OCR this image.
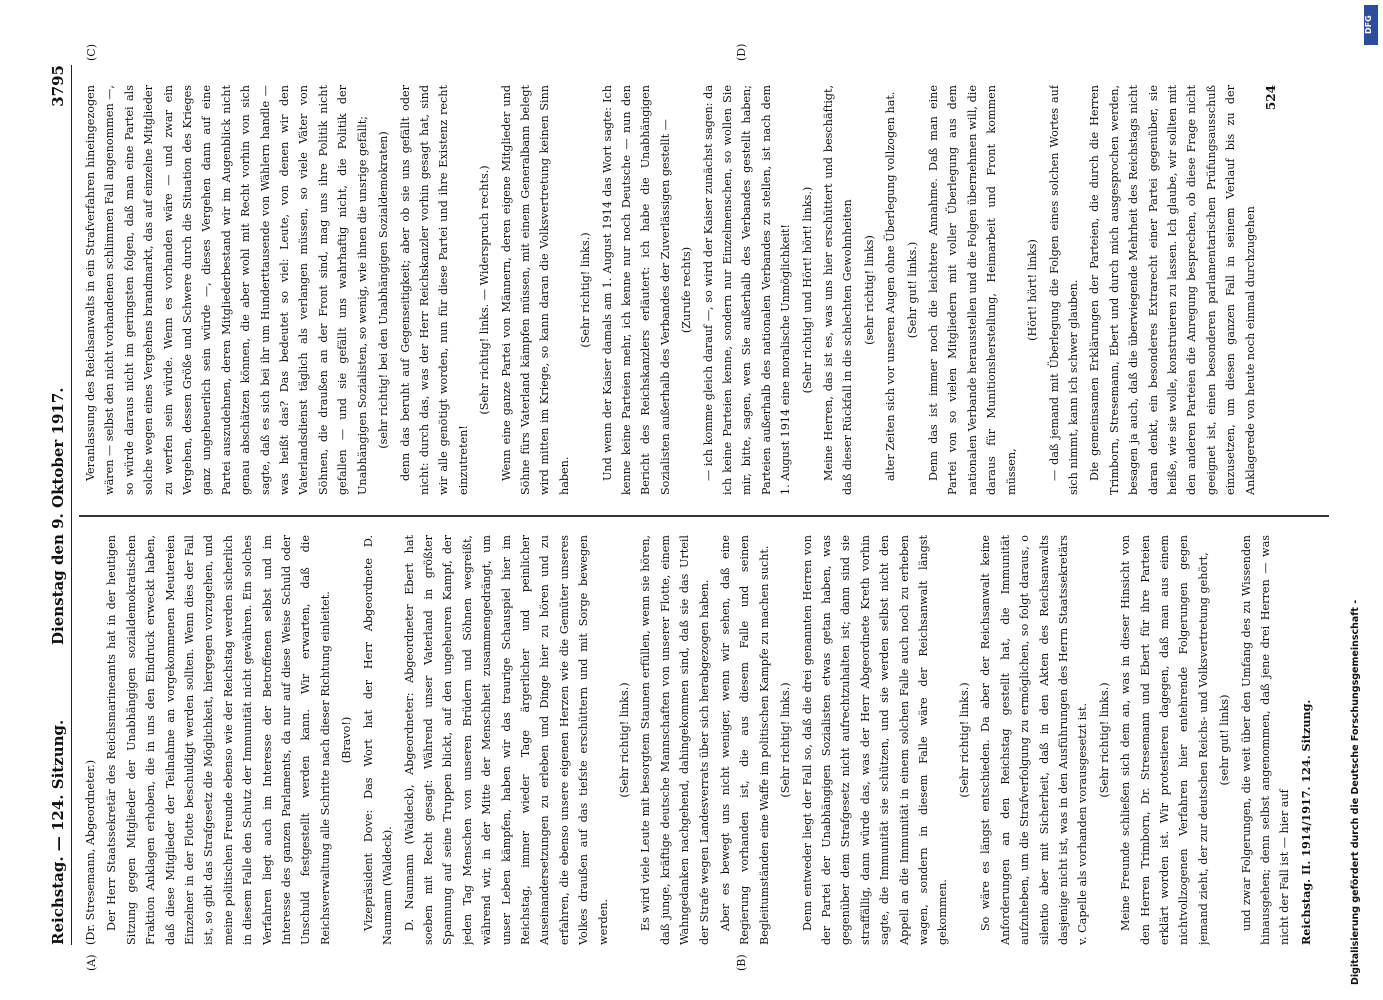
Reichstag. — 124. Sitzung.
Dienstag den 9. Oktober 1917.
3795
(Dr. Stresemann, Abgeordneter.) Der Herr Staatssekretär des Reichsmarineamts hat in der heutigen Sitzung gegen Mitglieder der Unabhängigen sozialdemokratischen Fraktion Anklagen erhoben, die in uns den Eindruck erweckt haben, daß diese Mitglieder der Teilnahme an vorgekommenen Meutereien Einzelner in der Flotte beschuldigt werden sollten. Wenn dies der Fall ist, so gibt das Strafgesetz die Möglichkeit, hiergegen vorzugehen, und meine politischen Freunde ebenso wie der Reichstag werden sicherlich in diesem Falle den Schutz der Immunität nicht gewähren. Ein solches Verfahren liegt auch im Interesse der Betroffenen selbst und im Interesse des ganzen Parlaments, da nur auf diese Weise Schuld oder Unschuld festgestellt werden kann. Wir erwarten, daß die Reichsverwaltung alle Schritte nach dieser Richtung einleitet. (Bravo!) Vizepräsident Dove: Das Wort hat der Herr Abgeordnete D. Naumann (Waldeck). D. Naumann (Waldeck), Abgeordneter: Abgeordneter Ebert hat soeben mit Recht gesagt: Während unser Vaterland in größter Spannung auf seine Truppen blickt, auf den ungeheuren Kampf, der jeden Tag Menschen von unseren Brüdern und Söhnen wegreißt, während wir, in der Mitte der Menschheit zusammengedrängt, um unser Leben kämpfen, haben wir das traurige Schauspiel hier im Reichstag, immer wieder Tage ärgerlicher und peinlicher Auseinandersetzungen zu erleben und Dinge hier zu hören und zu erfahren, die ebenso unsere eigenen Herzen wie die Gemüter unseres Volkes draußen auf das tiefste erschüttern und mit Sorge bewegen werden.
(Sehr richtig! links.) Es wird viele Leute mit besorgtem Staunen erfüllen, wenn sie hören, daß junge, kräftige deutsche Mannschaften von unserer Flotte, einem Wahngedanken nachgehend, dahingekommen sind, daß sie das Urteil der Strafe wegen Landesverrats über sich herabgezogen haben. Aber es bewegt uns nicht weniger, wenn wir sehen, daß eine Regierung vorhanden ist, die aus diesem Falle und seinen Begleitumständen eine Waffe im politischen Kampfe zu machen sucht. (Sehr richtig! links.) Denn entweder liegt der Fall so, daß die drei genannten Herren von der Partei der Unabhängigen Sozialisten etwas getan haben, was gegenüber dem Strafgesetz nicht aufrechtzuhalten ist; dann sind sie straffällig, dann würde das, was der Herr Abgeordnete Kreth vorhin sagte, die Immunität sie schützen, und sie werden selbst nicht den Appell an die Immunität in einem solchen Falle auch noch zu erheben wagen, sondern in diesem Falle wäre der Reichsanwalt längst gekommen.
(Sehr richtig! links.) So wäre es längst entschieden. Da aber der Reichsanwalt keine Anforderungen an den Reichstag gestellt hat, die Immunität aufzuheben, um die Strafverfolgung zu ermöglichen, so folgt daraus, o silentio aber mit Sicherheit, daß in den Akten des Reichsanwalts dasjenige nicht ist, was in den Ausführungen des Herrn Staatssekretärs v. Capelle als vorhanden vorausgesetzt ist. (Sehr richtig! links.) Meine Freunde schließen sich dem an, was in dieser Hinsicht von den Herren Trimborn, Dr. Stresemann und Ebert für ihre Parteien erklärt worden ist. Wir protestieren dagegen, daß man aus einem nichtvollzogenen Verfahren hier entehrende Folgerungen gegen jemand zieht, der zur deutschen Reichs- und Volksvertretung gehört, (sehr gut! links) und zwar Folgerungen, die weit über den Umfang des zu Wissenden hinausgehen; denn selbst angenommen, daß jene drei Herren — was nicht der Fall ist — hier auf Reichstag. II. 1914/1917. 124. Sitzung.
Veranlassung des Reichsanwalts in ein Strafverfahren hineingezogen wären — selbst den nicht vorhandenen schlimmen Fall angenommen —, so würde daraus nicht im geringsten folgen, daß man eine Partei als solche wegen eines Vergehens brandmarkt, das auf einzelne Mitglieder zu werfen sein würde. Wenn es vorhanden wäre — und zwar ein Vergehen, dessen Größe und Schwere durch die Situation des Krieges ganz ungeheuerlich sein würde —, dieses Vergehen dann auf eine Partei auszudehnen, deren Mitgliederbestand wir im Augenblick nicht genau abschätzen können, die aber wohl mit Recht vorhin von sich sagte, daß es sich bei ihr um Hunderttausende von Wählern handle — was heißt das? Das bedeutet so viel: Leute, von denen wir den Vaterlandsdienst täglich als verlangen müssen, so viele Väter von Söhnen, die draußen an der Front sind, mag uns ihre Politik nicht gefallen — und sie gefällt uns wahrhaftig nicht, die Politik der Unabhängigen Sozialisten, so wenig, wie ihnen die unsrige gefällt; (sehr richtig! bei den Unabhängigen Sozialdemokraten) denn das beruht auf Gegenseitigkeit; aber ob sie uns gefällt oder nicht: durch das, was der Herr Reichskanzler vorhin gesagt hat, sind wir alle genötigt worden, nun für diese Partei und ihre Existenz recht einzutreten!
(Sehr richtig! links. — Widerspruch rechts.) Wenn eine ganze Partei von Männern, deren eigene Mitglieder und Söhne fürs Vaterland kämpfen müssen, mit einem Generalbann belegt wird mitten im Kriege, so kann daran die Volksvertretung keinen Sinn haben.
(Sehr richtig! links.) Und wenn der Kaiser damals am 1. August 1914 das Wort sagte: Ich kenne keine Parteien mehr, ich kenne nur noch Deutsche — nun den Bericht des Reichskanzlers erläutert: ich habe die Unabhängigen Sozialisten außerhalb des Verbandes der Zuverlässigen gestellt — (Zurufe rechts) — ich komme gleich darauf —, so wird der Kaiser zunächst sagen: da ich keine Parteien kenne, sondern nur Einzelmenschen, so wollen Sie mir, bitte, sagen, wen Sie außerhalb des Verbandes gestellt haben; Parteien außerhalb des nationalen Verbandes zu stellen, ist nach dem 1. August 1914 eine moralische Unmöglichkeit! (Sehr richtig! und Hört! hört! links.) Meine Herren, das ist es, was uns hier erschüttert und beschäftigt, daß dieser Rückfall in die schlechten Gewohnheiten (sehr richtig! links) alter Zeiten sich vor unseren Augen ohne Überlegung vollzogen hat. (Sehr gut! links.) Denn das ist immer noch die leichtere Annahme. Daß man eine Partei von so vielen Mitgliedern mit voller Überlegung aus dem nationalen Verbande herausstellen und die Folgen übernehmen will, die daraus für Munitionsherstellung, Heimarbeit und Front kommen müssen,
(Hört! hört! links) — daß jemand mit Überlegung die Folgen eines solchen Wortes auf sich nimmt, kann ich schwer glauben. Die gemeinsamen Erklärungen der Parteien, die durch die Herren Trimborn, Stresemann, Ebert und durch mich ausgesprochen werden, besagen ja auch, daß die überwiegende Mehrheit des Reichstags nicht daran denkt, ein besonderes Extrarecht einer Partei gegenüber, sie heiße, wie sie wolle, konstruieren zu lassen. Ich glaube, wir sollten mit den anderen Parteien die Anregung besprechen, ob diese Frage nicht geeignet ist, einen besonderen parlamentarischen Prüfungsausschuß einzusetzen, um diesen ganzen Fall in seinem Verlauf bis zu der Anklagerede von heute noch einmal durchzugehen
524
(A)	(B)
(C)	(D)
Digitalisierung gefördert durch die Deutsche Forschungsgemeinschaft -
DFG
